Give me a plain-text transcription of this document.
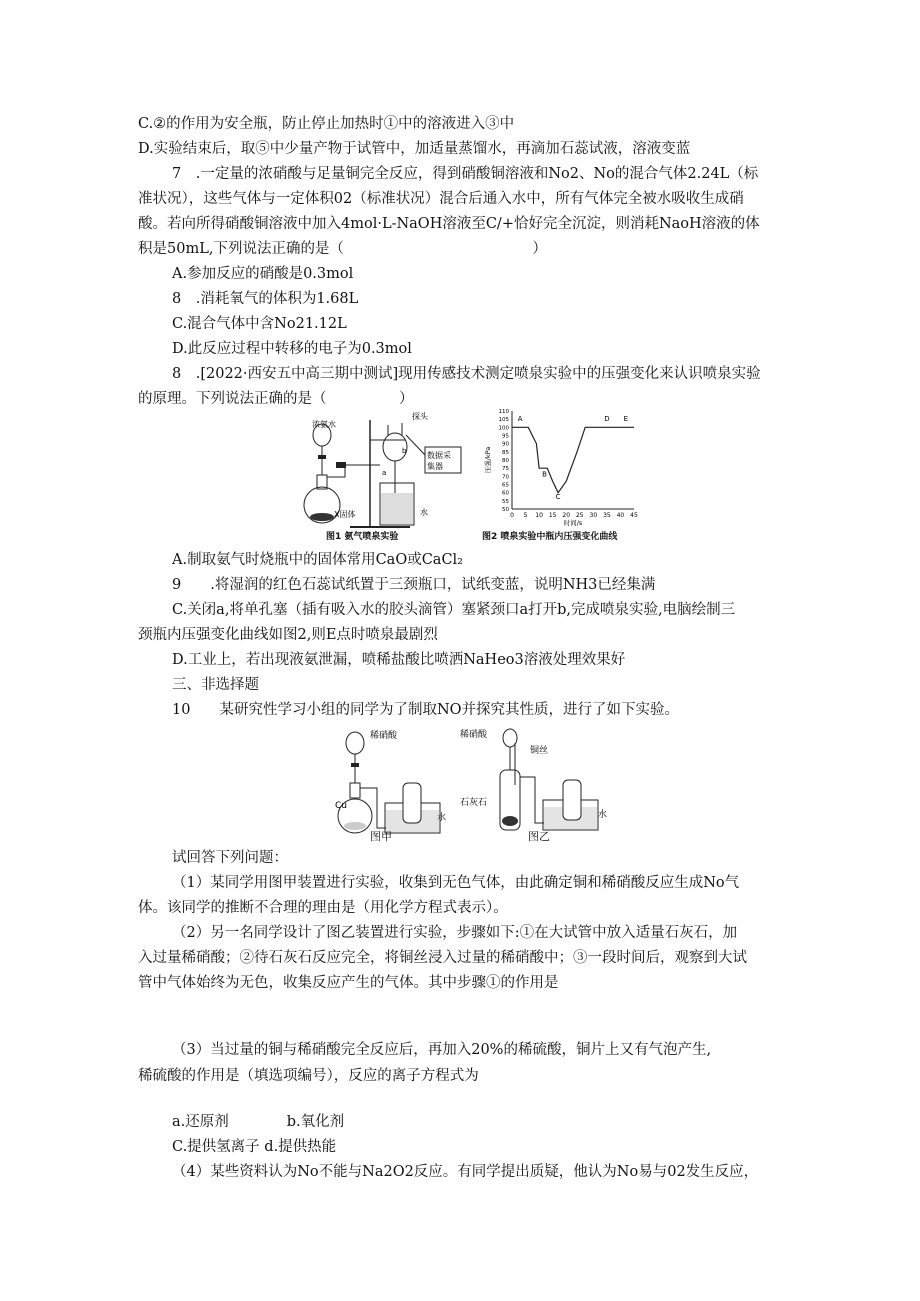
C.②的作用为安全瓶，防止停止加热时①中的溶液进入③中
D.实验结束后，取⑤中少量产物于试管中，加适量蒸馏水，再滴加石蕊试液，溶液变蓝
7　.一定量的浓硝酸与足量铜完全反应，得到硝酸铜溶液和No2、No的混合气体2.24L（标
准状况），这些气体与一定体积02（标准状况）混合后通入水中，所有气体完全被水吸收生成硝
酸。若向所得硝酸铜溶液中加入4mol·L-NaOH溶液至C/+恰好完全沉淀，则消耗NaoH溶液的体
积是50mL,下列说法正确的是（　　　　　　　　　　　　　）
A.参加反应的硝酸是0.3mol
8　.消耗氧气的体积为1.68L
C.混合气体中含No21.12L
D.此反应过程中转移的电子为0.3mol
8　.[2022·西安五中高三期中测试]现用传感技术测定喷泉实验中的压强变化来认识喷泉实验
的原理。下列说法正确的是（　　　　　）
浓氨水
探头
X固体
数据采
集器
水
a
b
图1 氨气喷泉实验
110
105
100
95
90
85
80
75
70
65
60
55
50
0 5 10 15 20 25 30 35 40 45
时间/s
压强/kPa
A
B
C
D E
图2 喷泉实验中瓶内压强变化曲线
A.制取氨气时烧瓶中的固体常用CaO或CaCl₂
9　　.将湿润的红色石蕊试纸置于三颈瓶口，试纸变蓝，说明NH3已经集满
C.关闭a,将单孔塞（插有吸入水的胶头滴管）塞紧颈口a打开b,完成喷泉实验,电脑绘制三
颈瓶内压强变化曲线如图2,则E点时喷泉最剧烈
D.工业上，若出现液氨泄漏，喷稀盐酸比喷洒NaHeo3溶液处理效果好
三、非选择题
10　　某研究性学习小组的同学为了制取NO并探究其性质，进行了如下实验。
稀硝酸
Cu
水
图甲
稀硝酸
铜丝
石灰石
水
图乙
试回答下列问题：
（1）某同学用图甲装置进行实验，收集到无色气体，由此确定铜和稀硝酸反应生成No气
体。该同学的推断不合理的理由是（用化学方程式表示）。
（2）另一名同学设计了图乙装置进行实验，步骤如下:①在大试管中放入适量石灰石，加
入过量稀硝酸；②待石灰石反应完全，将铜丝浸入过量的稀硝酸中；③一段时间后，观察到大试
管中气体始终为无色，收集反应产生的气体。其中步骤①的作用是
（3）当过量的铜与稀硝酸完全反应后，再加入20%的稀硫酸，铜片上又有气泡产生,
稀硫酸的作用是（填选项编号），反应的离子方程式为
a.还原剂　　　　b.氧化剂
C.提供氢离子 d.提供热能
（4）某些资料认为No不能与Na2O2反应。有同学提出质疑，他认为No易与02发生反应，
